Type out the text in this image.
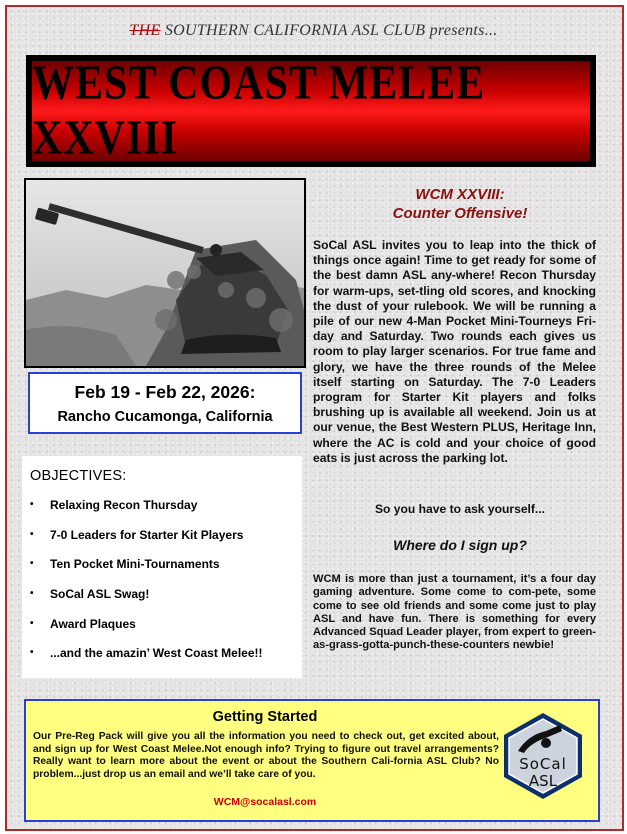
THE SOUTHERN CALIFORNIA ASL CLUB presents...
WEST COAST MELEE XXVIII
Feb 19 - Feb 22, 2026:
Rancho Cucamonga, California
OBJECTIVES:
•	Relaxing Recon Thursday
•	7-0 Leaders for Starter Kit Players
•	Ten Pocket Mini-Tournaments
•	SoCal ASL Swag!
•	Award Plaques
•	...and the amazin’ West Coast Melee!!
WCM XXVIII:
Counter Offensive!

SoCal ASL invites you to leap into the thick of things once again! Time to get ready for some of the best damn ASL any-where! Recon Thursday for warm-ups, set-tling old scores, and knocking the dust of your rulebook. We will be running a pile of our new 4-Man Pocket Mini-Tourneys Fri-day and Saturday. Two rounds each gives us room to play larger scenarios. For true fame and glory, we have the three rounds of the Melee itself starting on Saturday. The 7-0 Leaders program for Starter Kit players and folks brushing up is available all weekend. Join us at our venue, the Best Western PLUS, Heritage Inn, where the AC is cold and your choice of good eats is just across the parking lot.

So you have to ask yourself...
Where do I sign up?

WCM is more than just a tournament, it’s a four day gaming adventure. Some come to com-pete, some come to see old friends and some come just to play ASL and have fun. There is something for every Advanced Squad Leader player, from expert to green-as-grass-gotta-punch-these-counters newbie!

Getting Started

Our Pre-Reg Pack will give you all the information you need to check out, get excited about, and sign up for West Coast Melee.Not enough info? Trying to figure out travel arrangements? Really want to learn more about the event or about the Southern Cali-fornia ASL Club? No problem...just drop us an email and we’ll take care of you.

WCM@socalasl.com
SoCal
ASL
